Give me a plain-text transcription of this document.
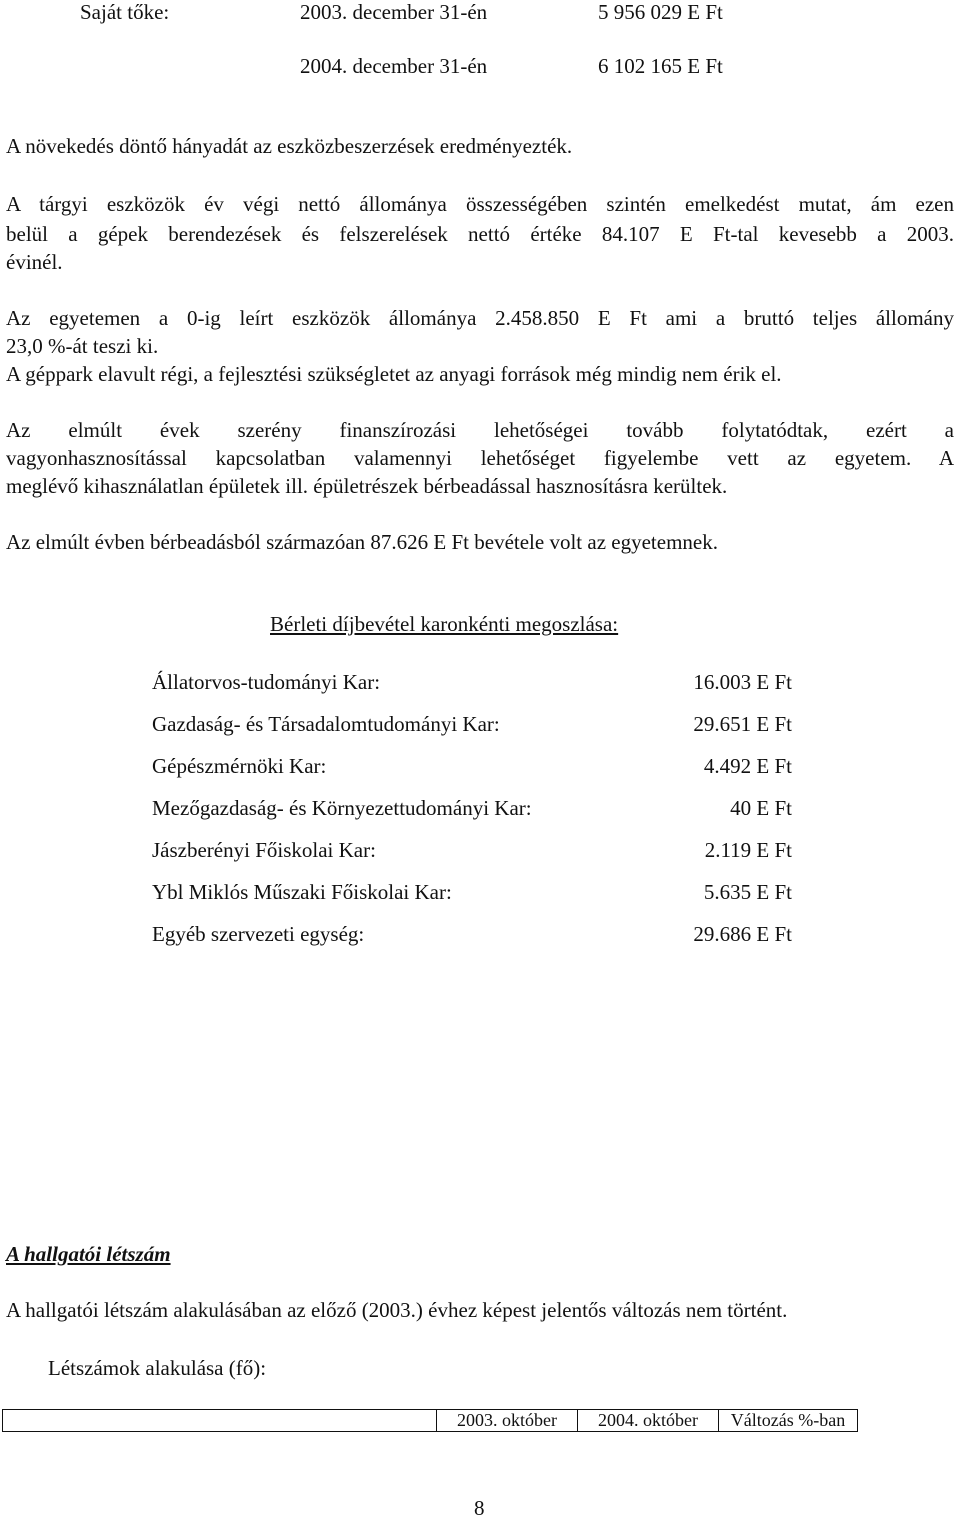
Saját tőke:	2003. december 31-én	5 956 029 E Ft
2004. december 31-én	6 102 165 E Ft
A növekedés döntő hányadát az eszközbeszerzések eredményezték.
A tárgyi eszközök év végi nettó állománya összességében szintén emelkedést mutat, ám ezen
belül a gépek berendezések és felszerelések nettó értéke 84.107 E Ft-tal kevesebb a 2003.
évinél.
Az egyetemen a 0-ig leírt eszközök állománya 2.458.850 E Ft ami a bruttó teljes állomány
23,0 %-át teszi ki.
A géppark elavult régi, a fejlesztési szükségletet az anyagi források még mindig nem érik el.
Az elmúlt évek szerény finanszírozási lehetőségei tovább folytatódtak, ezért a
vagyonhasznosítással kapcsolatban valamennyi lehetőséget figyelembe vett az egyetem. A
meglévő kihasználatlan épületek ill. épületrészek bérbeadással hasznosításra kerültek.
Az elmúlt évben bérbeadásból származóan 87.626 E Ft bevétele volt az egyetemnek.
Bérleti díjbevétel karonkénti megoszlása:
Állatorvos-tudományi Kar:	16.003 E Ft
Gazdaság- és Társadalomtudományi Kar:	29.651 E Ft
Gépészmérnöki Kar:	4.492 E Ft
Mezőgazdaság- és Környezettudományi Kar:	40 E Ft
Jászberényi Főiskolai Kar:	2.119 E Ft
Ybl Miklós Műszaki Főiskolai Kar:	5.635 E Ft
Egyéb szervezeti egység:	29.686 E Ft
A hallgatói létszám
A hallgatói létszám alakulásában az előző (2003.) évhez képest jelentős változás nem történt.
Létszámok alakulása (fő):
	2003. október	2004. október	Változás %-ban
8
